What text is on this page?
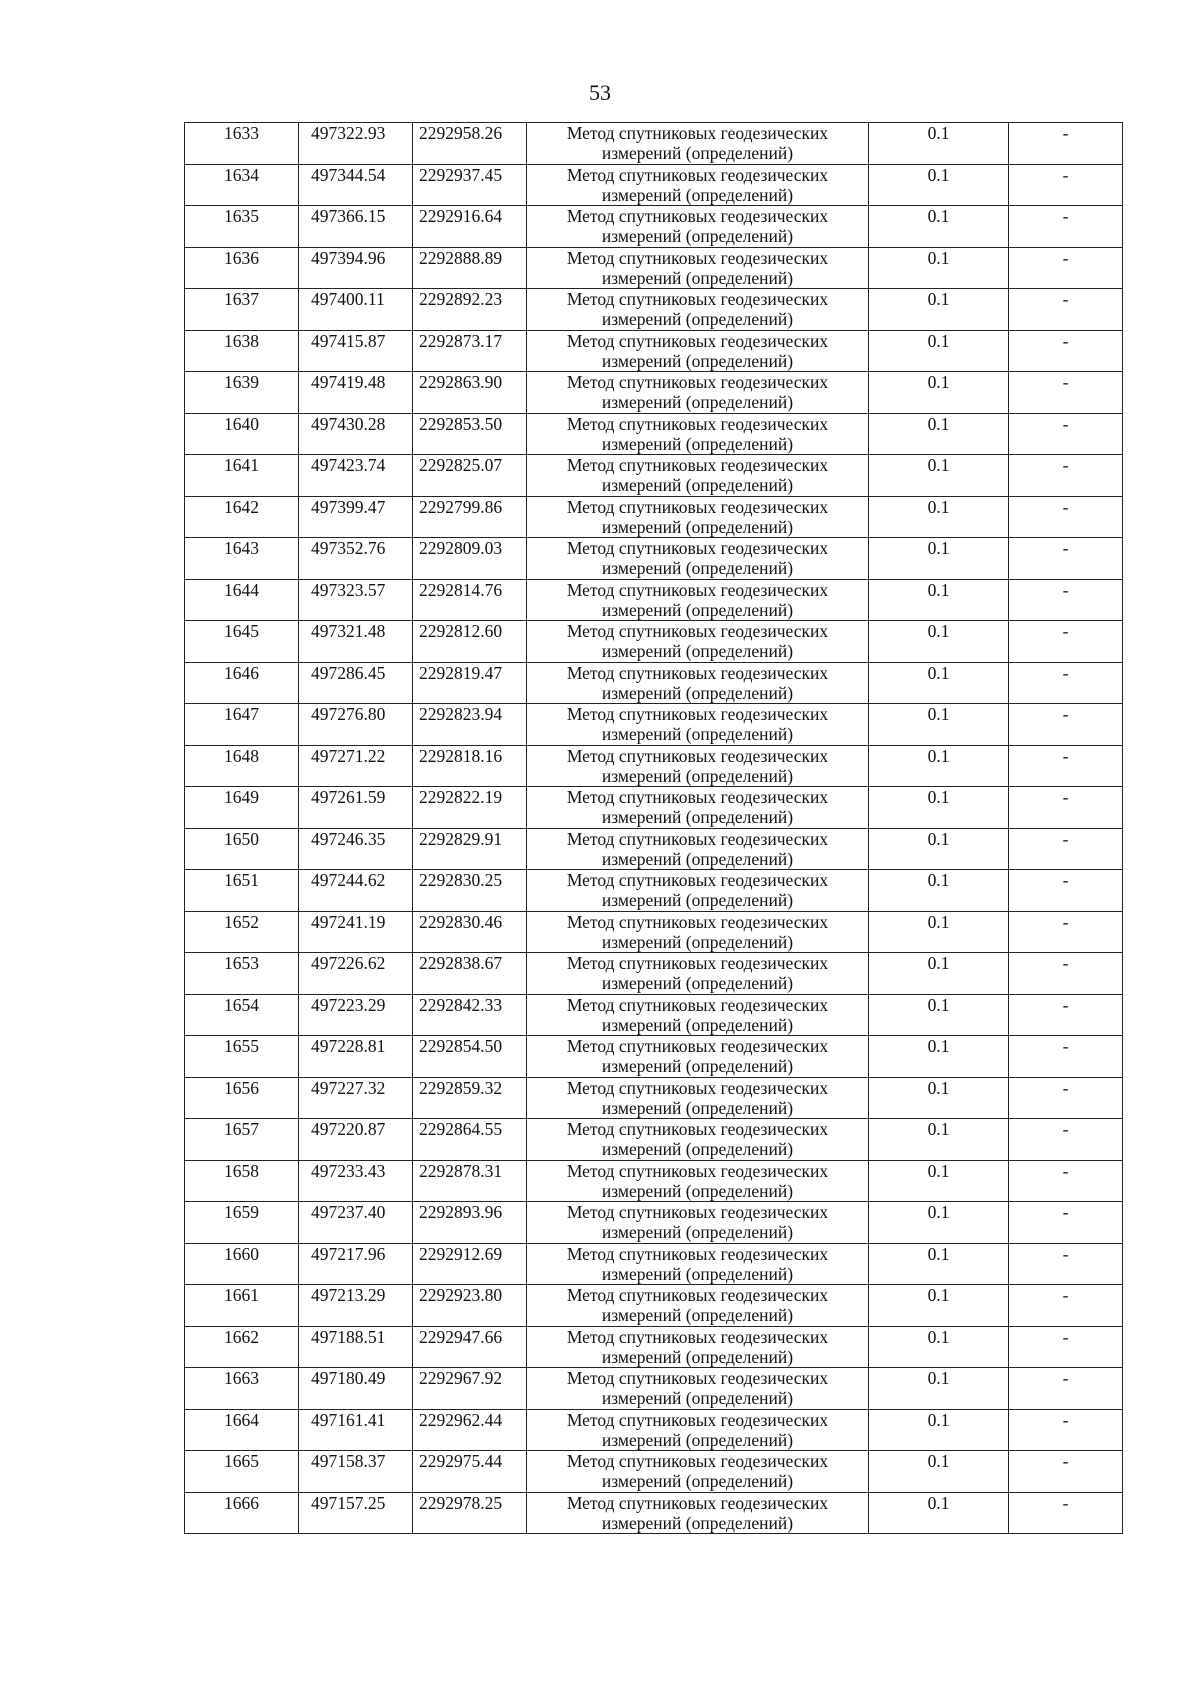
53
1633	497322.93	2292958.26	Метод спутниковых геодезических
измерений (определений)	0.1	-
1634	497344.54	2292937.45	Метод спутниковых геодезических
измерений (определений)	0.1	-
1635	497366.15	2292916.64	Метод спутниковых геодезических
измерений (определений)	0.1	-
1636	497394.96	2292888.89	Метод спутниковых геодезических
измерений (определений)	0.1	-
1637	497400.11	2292892.23	Метод спутниковых геодезических
измерений (определений)	0.1	-
1638	497415.87	2292873.17	Метод спутниковых геодезических
измерений (определений)	0.1	-
1639	497419.48	2292863.90	Метод спутниковых геодезических
измерений (определений)	0.1	-
1640	497430.28	2292853.50	Метод спутниковых геодезических
измерений (определений)	0.1	-
1641	497423.74	2292825.07	Метод спутниковых геодезических
измерений (определений)	0.1	-
1642	497399.47	2292799.86	Метод спутниковых геодезических
измерений (определений)	0.1	-
1643	497352.76	2292809.03	Метод спутниковых геодезических
измерений (определений)	0.1	-
1644	497323.57	2292814.76	Метод спутниковых геодезических
измерений (определений)	0.1	-
1645	497321.48	2292812.60	Метод спутниковых геодезических
измерений (определений)	0.1	-
1646	497286.45	2292819.47	Метод спутниковых геодезических
измерений (определений)	0.1	-
1647	497276.80	2292823.94	Метод спутниковых геодезических
измерений (определений)	0.1	-
1648	497271.22	2292818.16	Метод спутниковых геодезических
измерений (определений)	0.1	-
1649	497261.59	2292822.19	Метод спутниковых геодезических
измерений (определений)	0.1	-
1650	497246.35	2292829.91	Метод спутниковых геодезических
измерений (определений)	0.1	-
1651	497244.62	2292830.25	Метод спутниковых геодезических
измерений (определений)	0.1	-
1652	497241.19	2292830.46	Метод спутниковых геодезических
измерений (определений)	0.1	-
1653	497226.62	2292838.67	Метод спутниковых геодезических
измерений (определений)	0.1	-
1654	497223.29	2292842.33	Метод спутниковых геодезических
измерений (определений)	0.1	-
1655	497228.81	2292854.50	Метод спутниковых геодезических
измерений (определений)	0.1	-
1656	497227.32	2292859.32	Метод спутниковых геодезических
измерений (определений)	0.1	-
1657	497220.87	2292864.55	Метод спутниковых геодезических
измерений (определений)	0.1	-
1658	497233.43	2292878.31	Метод спутниковых геодезических
измерений (определений)	0.1	-
1659	497237.40	2292893.96	Метод спутниковых геодезических
измерений (определений)	0.1	-
1660	497217.96	2292912.69	Метод спутниковых геодезических
измерений (определений)	0.1	-
1661	497213.29	2292923.80	Метод спутниковых геодезических
измерений (определений)	0.1	-
1662	497188.51	2292947.66	Метод спутниковых геодезических
измерений (определений)	0.1	-
1663	497180.49	2292967.92	Метод спутниковых геодезических
измерений (определений)	0.1	-
1664	497161.41	2292962.44	Метод спутниковых геодезических
измерений (определений)	0.1	-
1665	497158.37	2292975.44	Метод спутниковых геодезических
измерений (определений)	0.1	-
1666	497157.25	2292978.25	Метод спутниковых геодезических
измерений (определений)	0.1	-
